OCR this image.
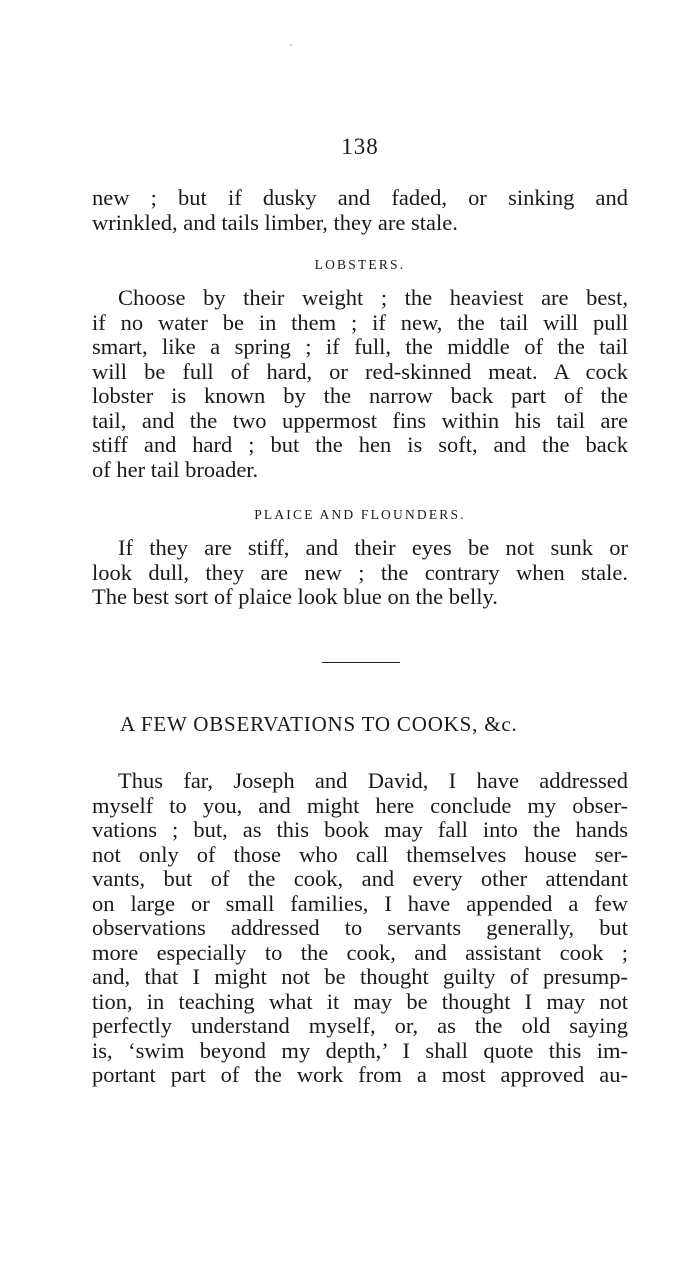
138
new ; but if dusky and faded, or sinking and
wrinkled, and tails limber, they are stale.
LOBSTERS.
Choose by their weight ; the heaviest are best,
if no water be in them ; if new, the tail will pull
smart, like a spring ; if full, the middle of the tail
will be full of hard, or red-skinned meat. A cock
lobster is known by the narrow back part of the
tail, and the two uppermost fins within his tail are
stiff and hard ; but the hen is soft, and the back
of her tail broader.
PLAICE AND FLOUNDERS.
If they are stiff, and their eyes be not sunk or
look dull, they are new ; the contrary when stale.
The best sort of plaice look blue on the belly.
A FEW OBSERVATIONS TO COOKS, &c.
Thus far, Joseph and David, I have addressed
myself to you, and might here conclude my obser-
vations ; but, as this book may fall into the hands
not only of those who call themselves house ser-
vants, but of the cook, and every other attendant
on large or small families, I have appended a few
observations addressed to servants generally, but
more especially to the cook, and assistant cook ;
and, that I might not be thought guilty of presump-
tion, in teaching what it may be thought I may not
perfectly understand myself, or, as the old saying
is, ‘swim beyond my depth,’ I shall quote this im-
portant part of the work from a most approved au-
